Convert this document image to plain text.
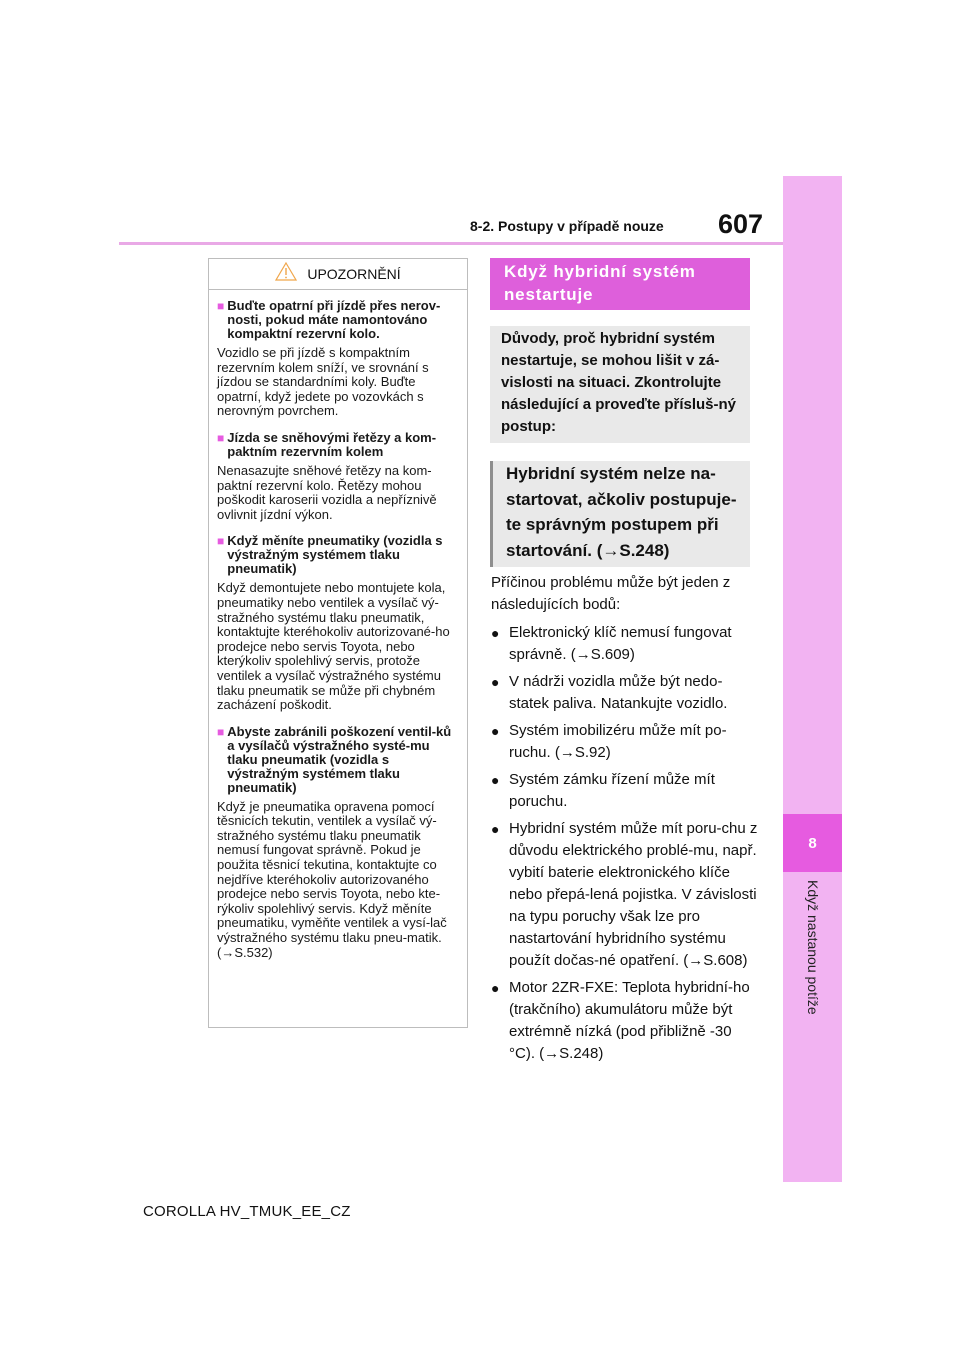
8
Když nastanou potíže
8-2. Postupy v případě nouze 607
UPOZORNĚNÍ
■ Buďte opatrní při jízdě přes nerov-nosti, pokud máte namontováno kompaktní rezervní kolo.

Vozidlo se při jízdě s kompaktním rezervním kolem sníží, ve srovnání s jízdou se standardními koly. Buďte opatrní, když jedete po vozovkách s nerovným povrchem.

■ Jízda se sněhovými řetězy a kom-paktním rezervním kolem

Nenasazujte sněhové řetězy na kom-paktní rezervní kolo. Řetězy mohou poškodit karoserii vozidla a nepříznivě ovlivnit jízdní výkon.

■ Když měníte pneumatiky (vozidla s výstražným systémem tlaku pneumatik)

Když demontujete nebo montujete kola, pneumatiky nebo ventilek a vysílač vý-stražného systému tlaku pneumatik, kontaktujte kteréhokoliv autorizované-ho prodejce nebo servis Toyota, nebo kterýkoliv spolehlivý servis, protože ventilek a vysílač výstražného systému tlaku pneumatik se může při chybném zacházení poškodit.

■ Abyste zabránili poškození ventil-ků a vysílačů výstražného systé-mu tlaku pneumatik (vozidla s výstražným systémem tlaku pneumatik)

Když je pneumatika opravena pomocí těsnicích tekutin, ventilek a vysílač vý-stražného systému tlaku pneumatik nemusí fungovat správně. Pokud je použita těsnicí tekutina, kontaktujte co nejdříve kteréhokoliv autorizovaného prodejce nebo servis Toyota, nebo kte-rýkoliv spolehlivý servis. Když měníte pneumatiku, vyměňte ventilek a vysí-lač výstražného systému tlaku pneu-matik. (→S.532)

Když hybridní systém nestartuje
Důvody, proč hybridní systém nestartuje, se mohou lišit v zá-vislosti na situaci. Zkontrolujte následující a proveďte přísluš-ný postup:
Hybridní systém nelze na-startovat, ačkoliv postupuje-te správným postupem při startování. (→S.248)

Příčinou problému může být jeden z následujících bodů:

● Elektronický klíč nemusí fungovat správně. (→S.609)
● V nádrži vozidla může být nedo-statek paliva. Natankujte vozidlo.
● Systém imobilizéru může mít po-ruchu. (→S.92)
● Systém zámku řízení může mít poruchu.
● Hybridní systém může mít poru-chu z důvodu elektrického problé-mu, např. vybití baterie elektronického klíče nebo přepá-lená pojistka. V závislosti na typu poruchy však lze pro nastartování hybridního systému použít dočas-né opatření. (→S.608)
● Motor 2ZR-FXE: Teplota hybridní-ho (trakčního) akumulátoru může být extrémně nízká (pod přibližně -30 °C). (→S.248)
COROLLA HV_TMUK_EE_CZ
